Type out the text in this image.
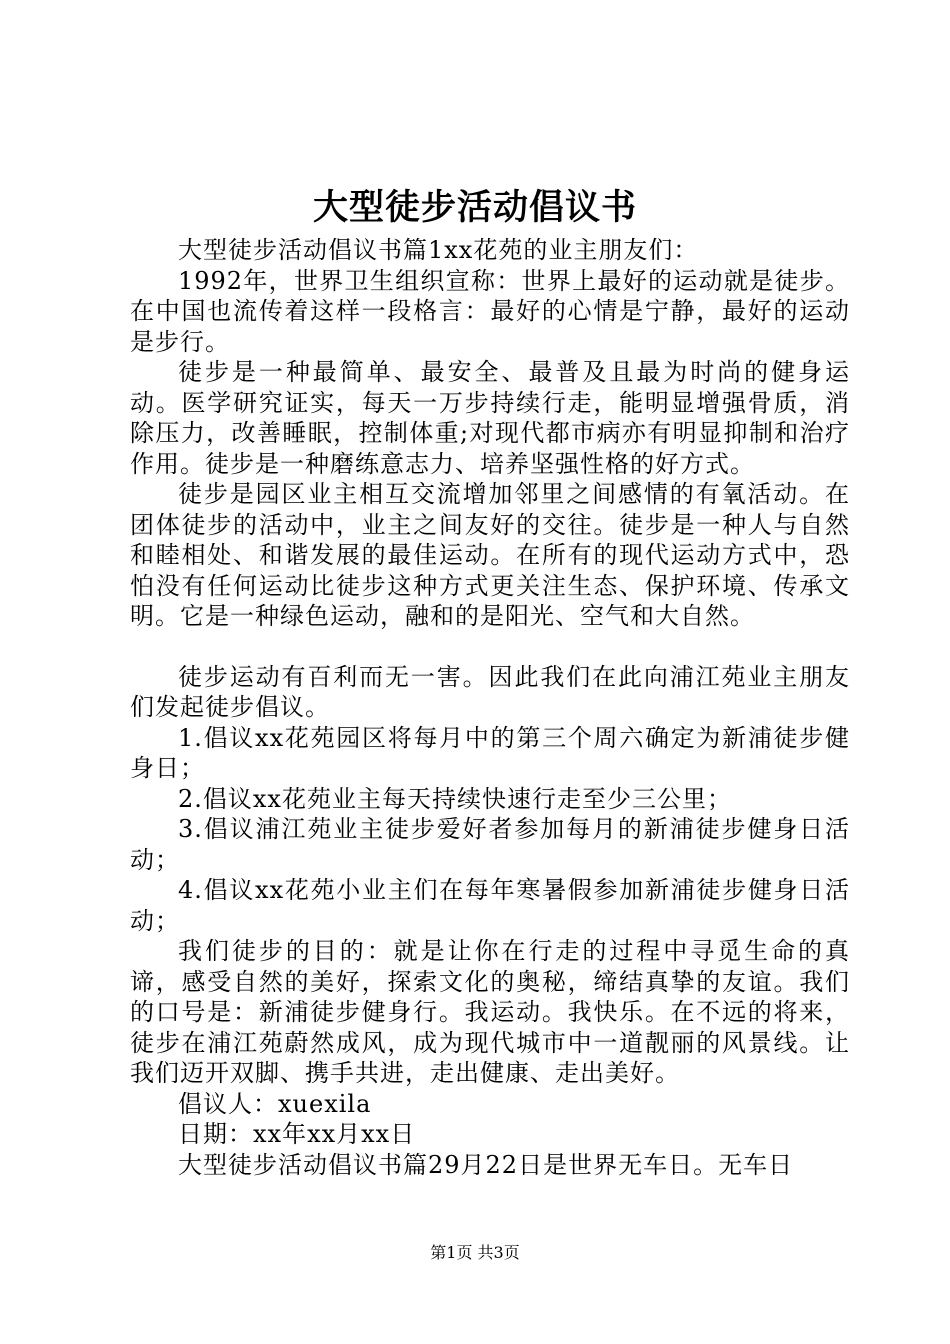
大型徒步活动倡议书

大型徒步活动倡议书篇1xx花苑的业主朋友们：

1992年，世界卫生组织宣称：世界上最好的运动就是徒步。在中国也流传着这样一段格言：最好的心情是宁静，最好的运动是步行。

徒步是一种最简单、最安全、最普及且最为时尚的健身运动。医学研究证实，每天一万步持续行走，能明显增强骨质，消除压力，改善睡眠，控制体重;对现代都市病亦有明显抑制和治疗作用。徒步是一种磨练意志力、培养坚强性格的好方式。

徒步是园区业主相互交流增加邻里之间感情的有氧活动。在团体徒步的活动中，业主之间友好的交往。徒步是一种人与自然和睦相处、和谐发展的最佳运动。在所有的现代运动方式中，恐怕没有任何运动比徒步这种方式更关注生态、保护环境、传承文明。它是一种绿色运动，融和的是阳光、空气和大自然。

徒步运动有百利而无一害。因此我们在此向浦江苑业主朋友们发起徒步倡议。

1.倡议xx花苑园区将每月中的第三个周六确定为新浦徒步健身日；

2.倡议xx花苑业主每天持续快速行走至少三公里；

3.倡议浦江苑业主徒步爱好者参加每月的新浦徒步健身日活动；

4.倡议xx花苑小业主们在每年寒暑假参加新浦徒步健身日活动；

我们徒步的目的：就是让你在行走的过程中寻觅生命的真谛，感受自然的美好，探索文化的奥秘，缔结真挚的友谊。我们的口号是：新浦徒步健身行。我运动。我快乐。在不远的将来，徒步在浦江苑蔚然成风，成为现代城市中一道靓丽的风景线。让我们迈开双脚、携手共进，走出健康、走出美好。

倡议人：xuexila

日期：xx年xx月xx日

大型徒步活动倡议书篇29月22日是世界无车日。无车日

第1页 共3页
